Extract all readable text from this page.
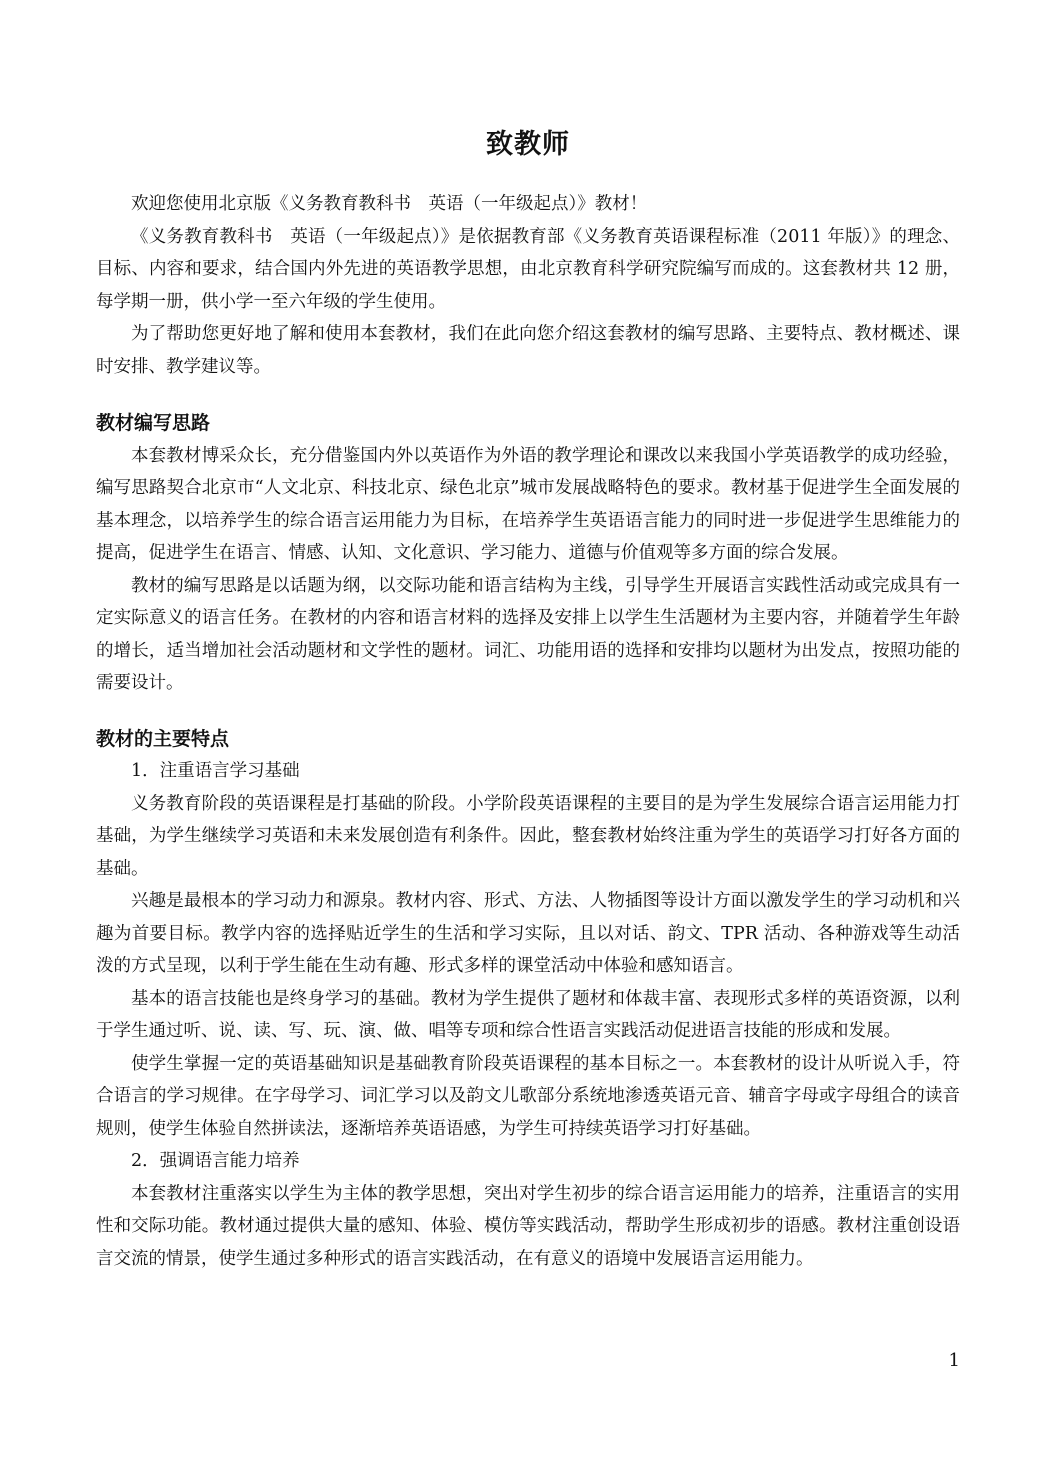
致教师

欢迎您使用北京版《义务教育教科书　英语（一年级起点）》教材！

《义务教育教科书　英语（一年级起点）》是依据教育部《义务教育英语课程标准（2011 年版）》的理念、目标、内容和要求，结合国内外先进的英语教学思想，由北京教育科学研究院编写而成的。这套教材共 12 册，每学期一册，供小学一至六年级的学生使用。

为了帮助您更好地了解和使用本套教材，我们在此向您介绍这套教材的编写思路、主要特点、教材概述、课时安排、教学建议等。

教材编写思路

本套教材博采众长，充分借鉴国内外以英语作为外语的教学理论和课改以来我国小学英语教学的成功经验，编写思路契合北京市“人文北京、科技北京、绿色北京”城市发展战略特色的要求。教材基于促进学生全面发展的基本理念，以培养学生的综合语言运用能力为目标，在培养学生英语语言能力的同时进一步促进学生思维能力的提高，促进学生在语言、情感、认知、文化意识、学习能力、道德与价值观等多方面的综合发展。

教材的编写思路是以话题为纲，以交际功能和语言结构为主线，引导学生开展语言实践性活动或完成具有一定实际意义的语言任务。在教材的内容和语言材料的选择及安排上以学生生活题材为主要内容，并随着学生年龄的增长，适当增加社会活动题材和文学性的题材。词汇、功能用语的选择和安排均以题材为出发点，按照功能的需要设计。

教材的主要特点

1．注重语言学习基础

义务教育阶段的英语课程是打基础的阶段。小学阶段英语课程的主要目的是为学生发展综合语言运用能力打基础，为学生继续学习英语和未来发展创造有利条件。因此，整套教材始终注重为学生的英语学习打好各方面的基础。

兴趣是最根本的学习动力和源泉。教材内容、形式、方法、人物插图等设计方面以激发学生的学习动机和兴趣为首要目标。教学内容的选择贴近学生的生活和学习实际，且以对话、韵文、TPR 活动、各种游戏等生动活泼的方式呈现，以利于学生能在生动有趣、形式多样的课堂活动中体验和感知语言。

基本的语言技能也是终身学习的基础。教材为学生提供了题材和体裁丰富、表现形式多样的英语资源，以利于学生通过听、说、读、写、玩、演、做、唱等专项和综合性语言实践活动促进语言技能的形成和发展。

使学生掌握一定的英语基础知识是基础教育阶段英语课程的基本目标之一。本套教材的设计从听说入手，符合语言的学习规律。在字母学习、词汇学习以及韵文儿歌部分系统地渗透英语元音、辅音字母或字母组合的读音规则，使学生体验自然拼读法，逐渐培养英语语感，为学生可持续英语学习打好基础。

2．强调语言能力培养

本套教材注重落实以学生为主体的教学思想，突出对学生初步的综合语言运用能力的培养，注重语言的实用性和交际功能。教材通过提供大量的感知、体验、模仿等实践活动，帮助学生形成初步的语感。教材注重创设语言交流的情景，使学生通过多种形式的语言实践活动，在有意义的语境中发展语言运用能力。

1
